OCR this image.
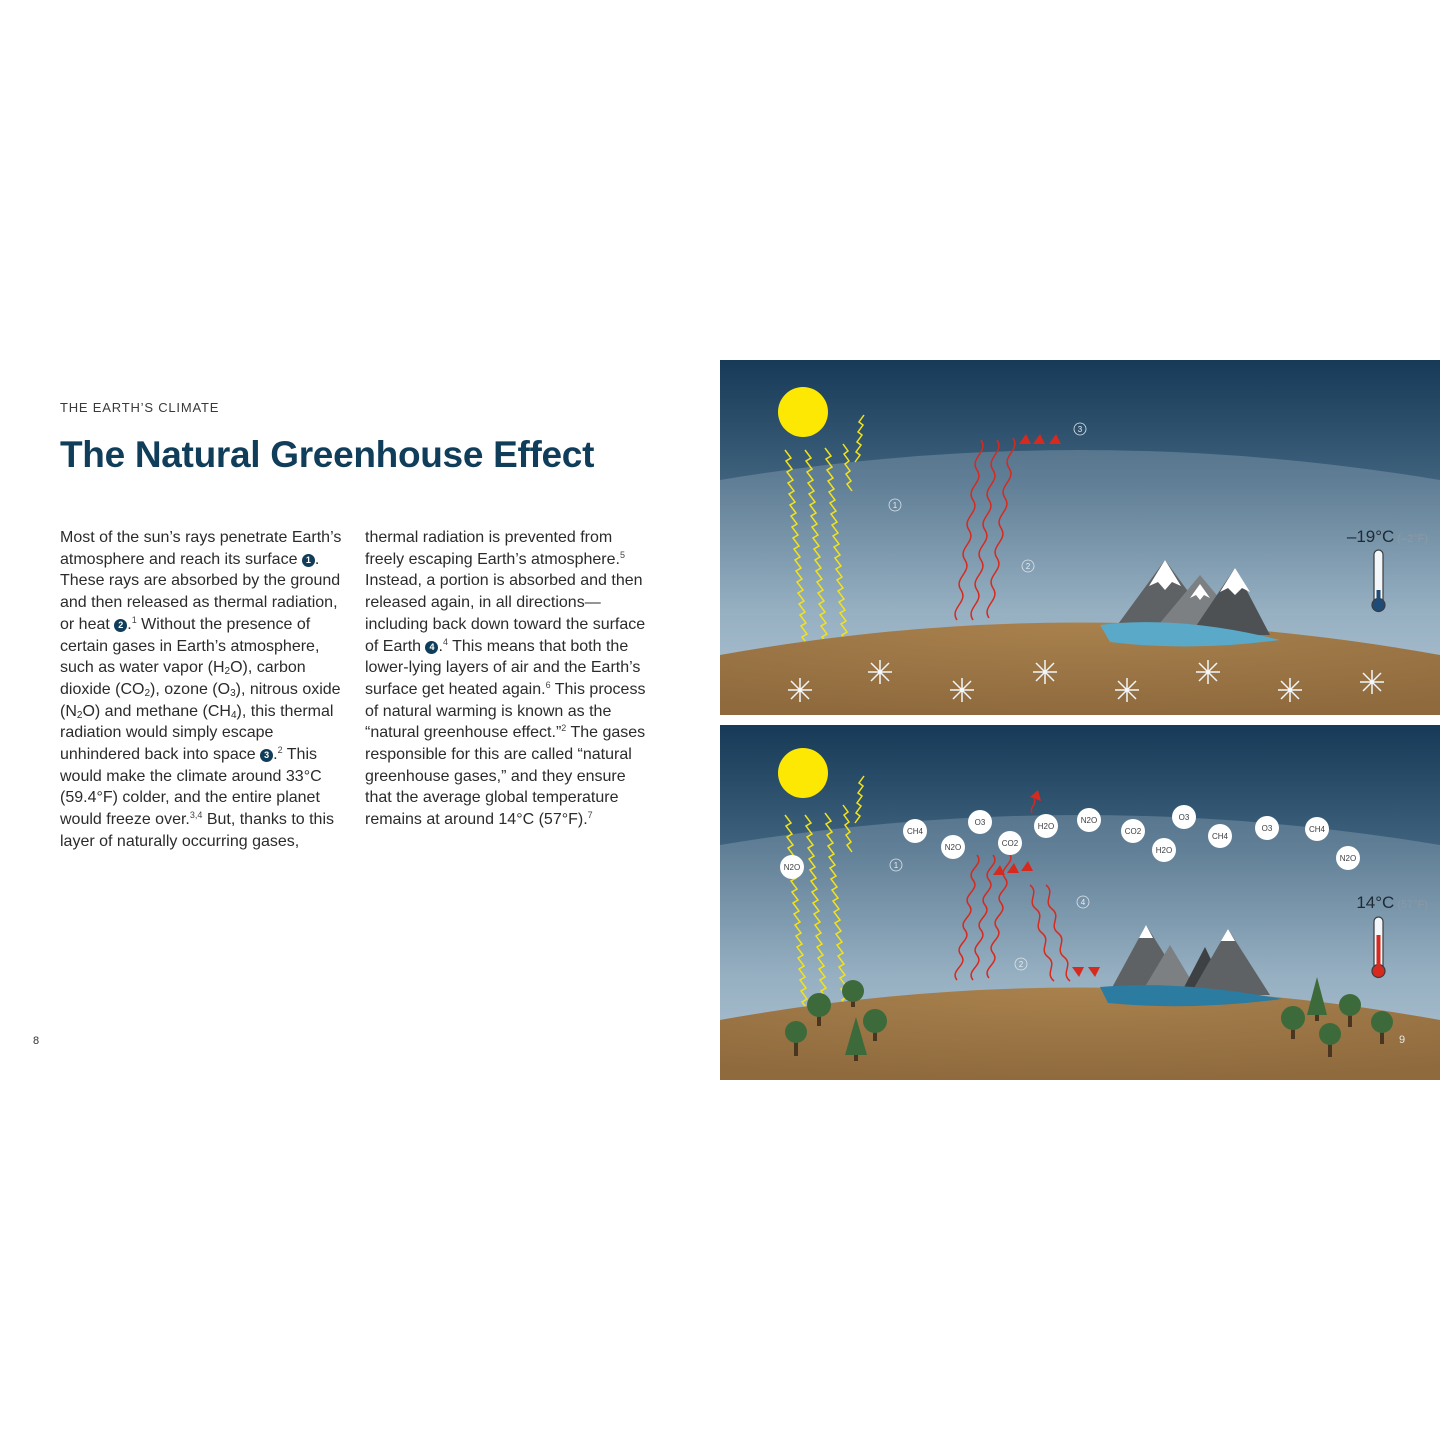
THE EARTH’S CLIMATE
The Natural Greenhouse Effect
Most of the sun’s rays penetrate Earth’s atmosphere and reach its surface 1 . These rays are absorbed by the ground and then released as thermal radiation, or heat 2 .$^1$ Without the presence of certain gases in Earth’s atmosphere, such as water vapor $(H_2O)$, carbon dioxide $(CO_2)$, ozone $(O_3)$, nitrous oxide $(N_2O)$ and methane $(CH_4)$, this thermal radiation would simply escape unhindered back into space 3 .$^2$ This would make the climate around 33°C (59.4°F) colder, and the entire planet would freeze over.$^{3,4}$ But, thanks to this layer of naturally occurring gases,
thermal radiation is prevented from freely escaping Earth’s atmosphere.$^5$ Instead, a portion is absorbed and then released again, in all directions—including back down toward the surface of Earth 4 .$^4$ This means that both the lower-lying layers of air and the Earth’s surface get heated again.$^6$ This process of natural warming is known as the “natural greenhouse effect.”$^2$ The gases responsible for this are called “natural greenhouse gases,” and they ensure that the average global temperature remains at around 14°C (57°F).$^7$
8
1
2
3
–19°C (–2°F)
1
2
4
N2O
CH4
O3
N2O	CO2
H2O
N2O
CO2
H2O
O3
CH4
O3	CH4
N2O
14°C (57°F)
9
